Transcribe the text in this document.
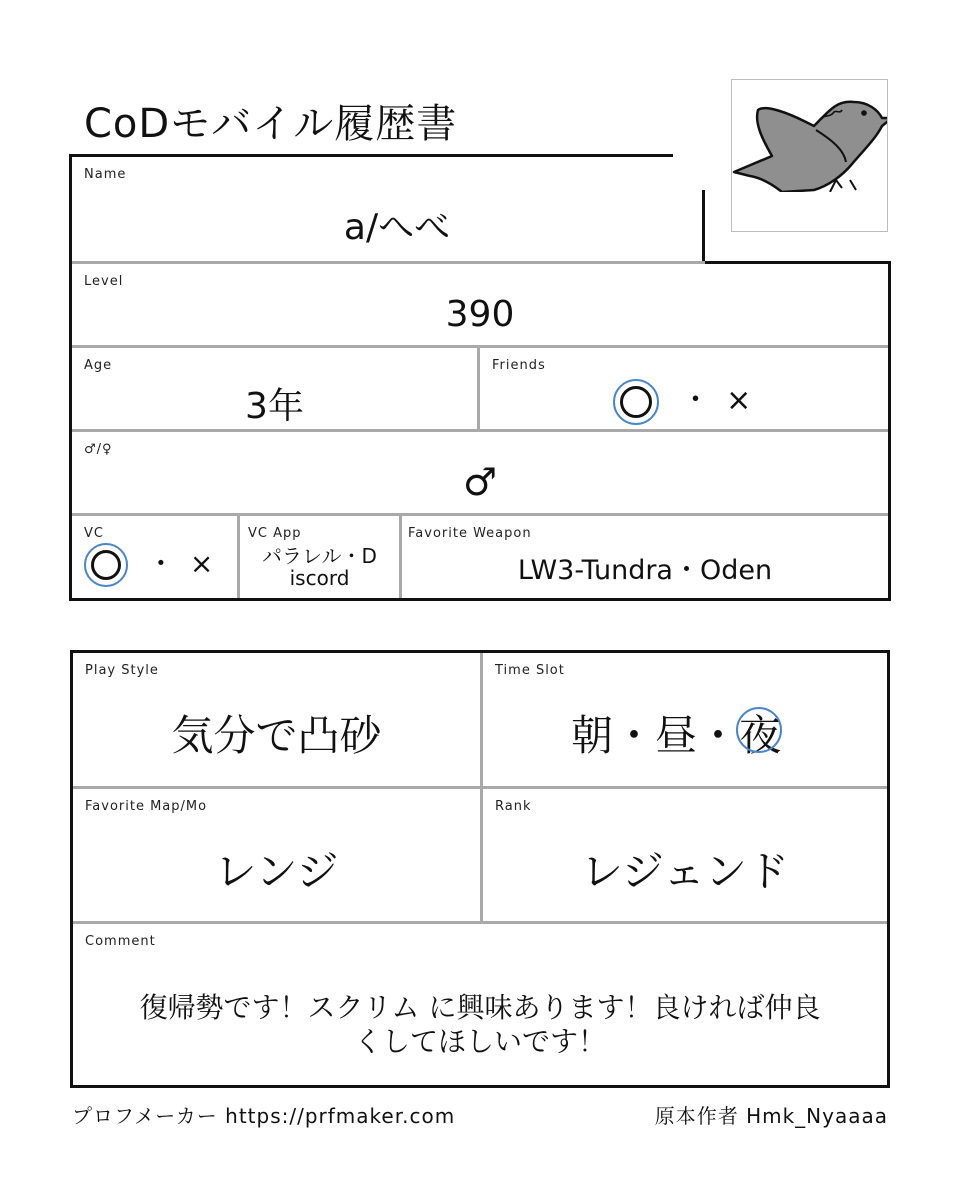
CoDモバイル履歴書
Name
a/へべ
Level
390
Age
3年
Friends
・ ×
♂/♀
♂
VC
・ ×
VC App
パラレル・D
iscord
Favorite Weapon
LW3-Tundra・Oden
Play Style
気分で凸砂
Time Slot
朝・昼・夜
Favorite Map/Mo
レンジ
Rank
レジェンド
Comment
復帰勢です！スクリム に興味あります！良ければ仲良
くしてほしいです！
プロフメーカー https://prfmaker.com	原本作者 Hmk_Nyaaaa
